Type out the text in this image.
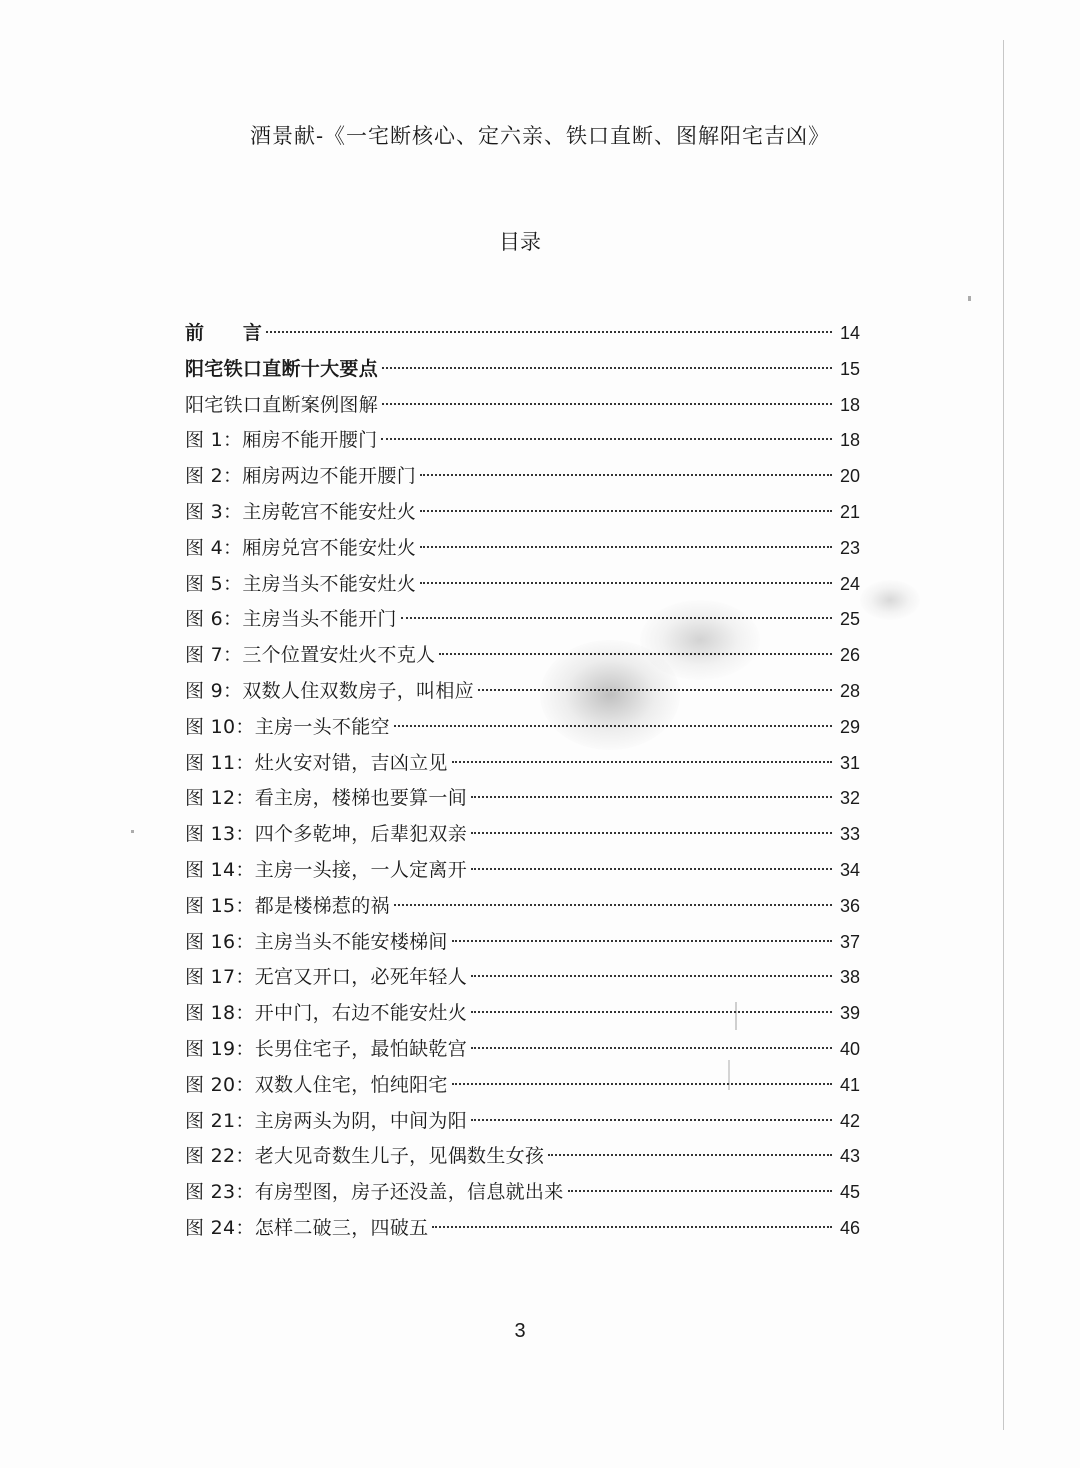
酒景献-《一宅断核心、定六亲、铁口直断、图解阳宅吉凶》
目录
前　　言	14
阳宅铁口直断十大要点	15
阳宅铁口直断案例图解	18
图 1：厢房不能开腰门	18
图 2：厢房两边不能开腰门	20
图 3：主房乾宫不能安灶火	21
图 4：厢房兑宫不能安灶火	23
图 5：主房当头不能安灶火	24
图 6：主房当头不能开门	25
图 7：三个位置安灶火不克人	26
图 9：双数人住双数房子，叫相应	28
图 10：主房一头不能空	29
图 11：灶火安对错，吉凶立见	31
图 12：看主房，楼梯也要算一间	32
图 13：四个多乾坤，后辈犯双亲	33
图 14：主房一头接，一人定离开	34
图 15：都是楼梯惹的祸	36
图 16：主房当头不能安楼梯间	37
图 17：无宫又开口，必死年轻人	38
图 18：开中门，右边不能安灶火	39
图 19：长男住宅子，最怕缺乾宫	40
图 20：双数人住宅，怕纯阳宅	41
图 21：主房两头为阴，中间为阳	42
图 22：老大见奇数生儿子，见偶数生女孩	43
图 23：有房型图，房子还没盖，信息就出来	45
图 24：怎样二破三，四破五	46
3
